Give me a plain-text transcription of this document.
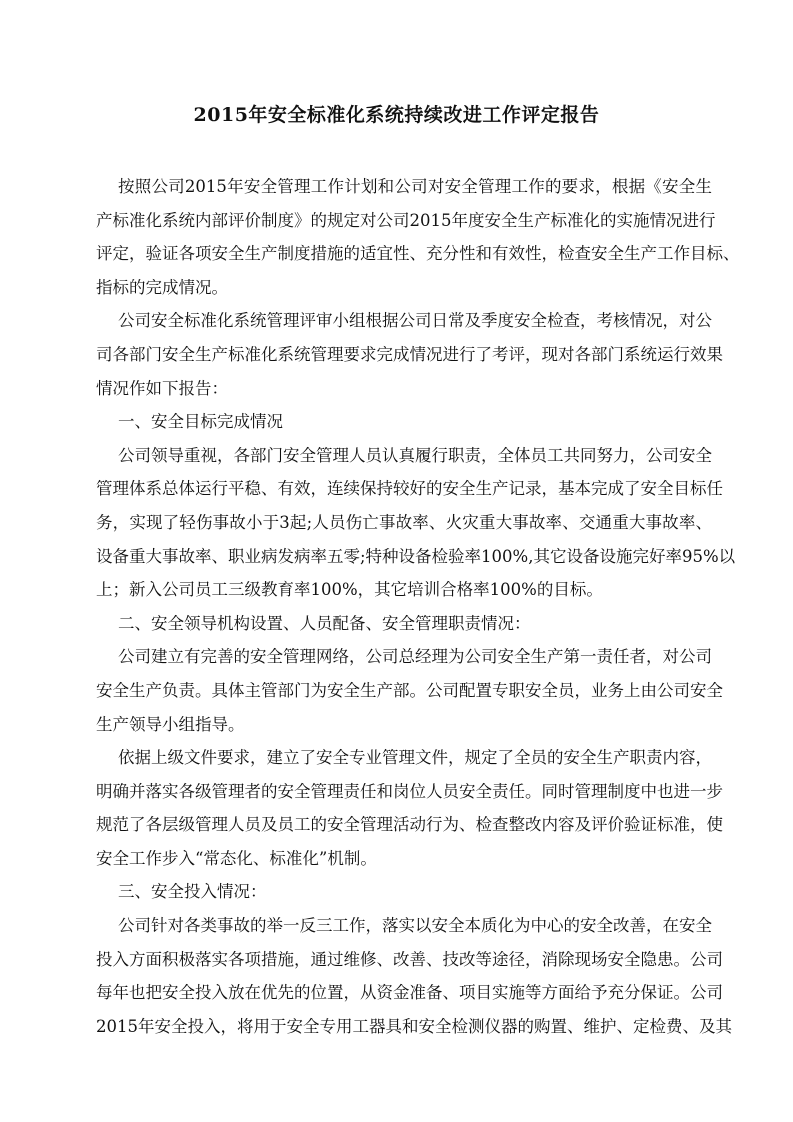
2015年安全标准化系统持续改进工作评定报告
按照公司2015年安全管理工作计划和公司对安全管理工作的要求，根据《安全生
产标准化系统内部评价制度》的规定对公司2015年度安全生产标准化的实施情况进行
评定，验证各项安全生产制度措施的适宜性、充分性和有效性，检查安全生产工作目标、
指标的完成情况。
公司安全标准化系统管理评审小组根据公司日常及季度安全检查，考核情况，对公
司各部门安全生产标准化系统管理要求完成情况进行了考评，现对各部门系统运行效果
情况作如下报告：
一、安全目标完成情况
公司领导重视，各部门安全管理人员认真履行职责，全体员工共同努力，公司安全
管理体系总体运行平稳、有效，连续保持较好的安全生产记录，基本完成了安全目标任
务，实现了轻伤事故小于3起;人员伤亡事故率、火灾重大事故率、交通重大事故率、
设备重大事故率、职业病发病率五零;特种设备检验率100%,其它设备设施完好率95%以
上；新入公司员工三级教育率100%，其它培训合格率100%的目标。
二、安全领导机构设置、人员配备、安全管理职责情况：
公司建立有完善的安全管理网络，公司总经理为公司安全生产第一责任者，对公司
安全生产负责。具体主管部门为安全生产部。公司配置专职安全员，业务上由公司安全
生产领导小组指导。
依据上级文件要求，建立了安全专业管理文件，规定了全员的安全生产职责内容，
明确并落实各级管理者的安全管理责任和岗位人员安全责任。同时管理制度中也进一步
规范了各层级管理人员及员工的安全管理活动行为、检查整改内容及评价验证标准，使
安全工作步入“常态化、标准化”机制。
三、安全投入情况：
公司针对各类事故的举一反三工作，落实以安全本质化为中心的安全改善，在安全
投入方面积极落实各项措施，通过维修、改善、技改等途径，消除现场安全隐患。公司
每年也把安全投入放在优先的位置，从资金准备、项目实施等方面给予充分保证。公司
2015年安全投入，将用于安全专用工器具和安全检测仪器的购置、维护、定检费、及其
